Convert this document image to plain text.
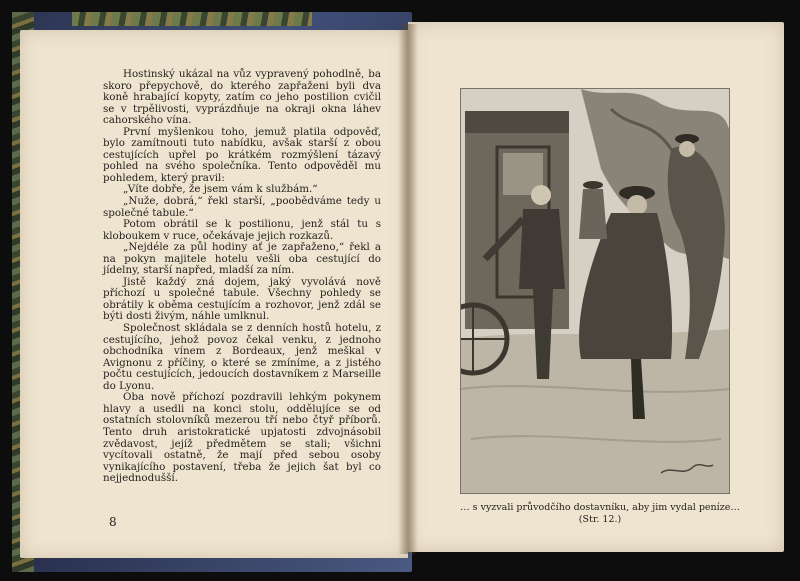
Hostinský ukázal na vůz vypravený pohodlně, ba skoro přepychově, do kterého zapřaženi byli dva koně hrabající kopyty, zatím co jeho postilion cvičil se v trpělivosti, vyprázdňuje na okraji okna láhev cahorského vína.

První myšlenkou toho, jemuž platila odpověď, bylo zamítnouti tuto nabídku, avšak starší z obou cestujících upřel po krátkém rozmýšlení tázavý pohled na svého společníka. Tento odpověděl mu pohledem, který pravil:

„Víte dobře, že jsem vám k službám.“

„Nuže, dobrá,“ řekl starší, „poobědváme tedy u společné tabule.“

Potom obrátil se k postilionu, jenž stál tu s kloboukem v ruce, očekávaje jejich rozkazů.

„Nejdéle za půl hodiny ať je zapřaženo,“ řekl a na pokyn majitele hotelu vešli oba cestující do jídelny, starší napřed, mladší za ním.

Jistě každý zná dojem, jaký vyvolává nově příchozí u společné tabule. Všechny pohledy se obrátily k oběma cestujícím a rozhovor, jenž zdál se býti dosti živým, náhle umlknul.

Společnost skládala se z denních hostů hotelu, z cestujícího, jehož povoz čekal venku, z jednoho obchodníka vínem z Bordeaux, jenž meškal v Avignonu z příčiny, o které se zmíníme, a z jistého počtu cestujících, jedoucích dostavníkem z Marseille do Lyonu.

Oba nově příchozí pozdravili lehkým pokynem hlavy a usedli na konci stolu, oddělujíce se od ostatních stolovníků mezerou tří nebo čtyř příborů. Tento druh aristokratické upjatosti zdvojnásobil zvědavost, jejíž předmětem se stali; všichni vycítovali ostatně, že mají před sebou osoby vynikajícího postavení, třeba že jejich šat byl co nejjednodušší.

8
… s vyzvali průvodčího dostavníku, aby jim vydal peníze…
(Str. 12.)
